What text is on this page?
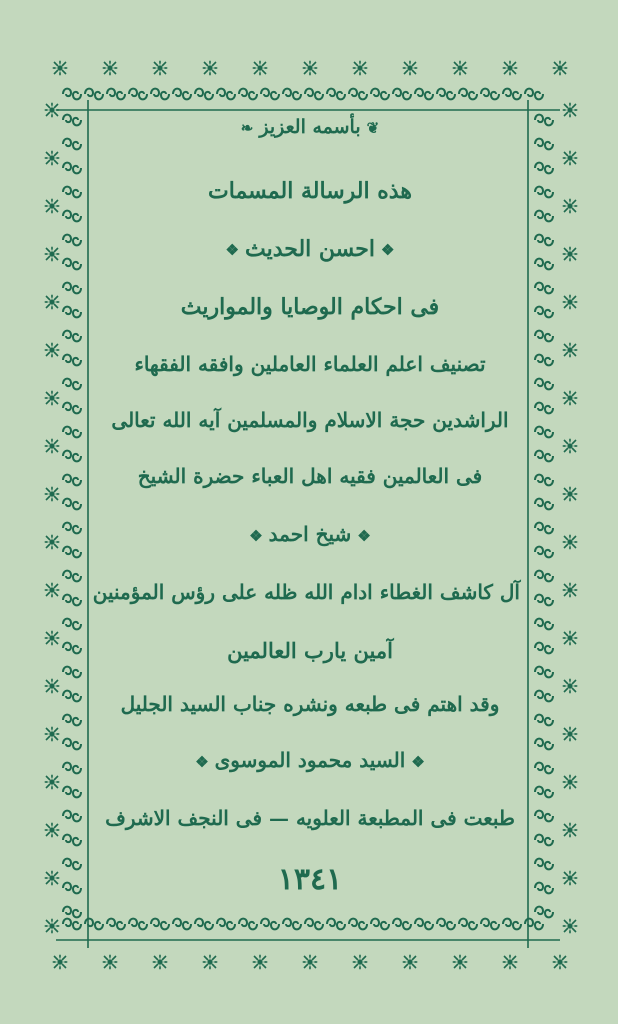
❦بأسمه العزيز❧
هذه الرسالة المسمات
❖احسن الحديث❖
فى احكام الوصايا والمواريث
تصنيف اعلم العلماء العاملين وافقه الفقهاء
الراشدين حجة الاسلام والمسلمين آيه الله تعالى
فى العالمين فقيه اهل العباء حضرة الشيخ
❖شيخ احمد❖
آل كاشف الغطاء ادام الله ظله على رؤس المؤمنين
آمين يارب العالمين
وقد اهتم فى طبعه ونشره جناب السيد الجليل
❖السيد محمود الموسوى❖
طبعت فى المطبعة العلويه — فى النجف الاشرف
١٣٤١
